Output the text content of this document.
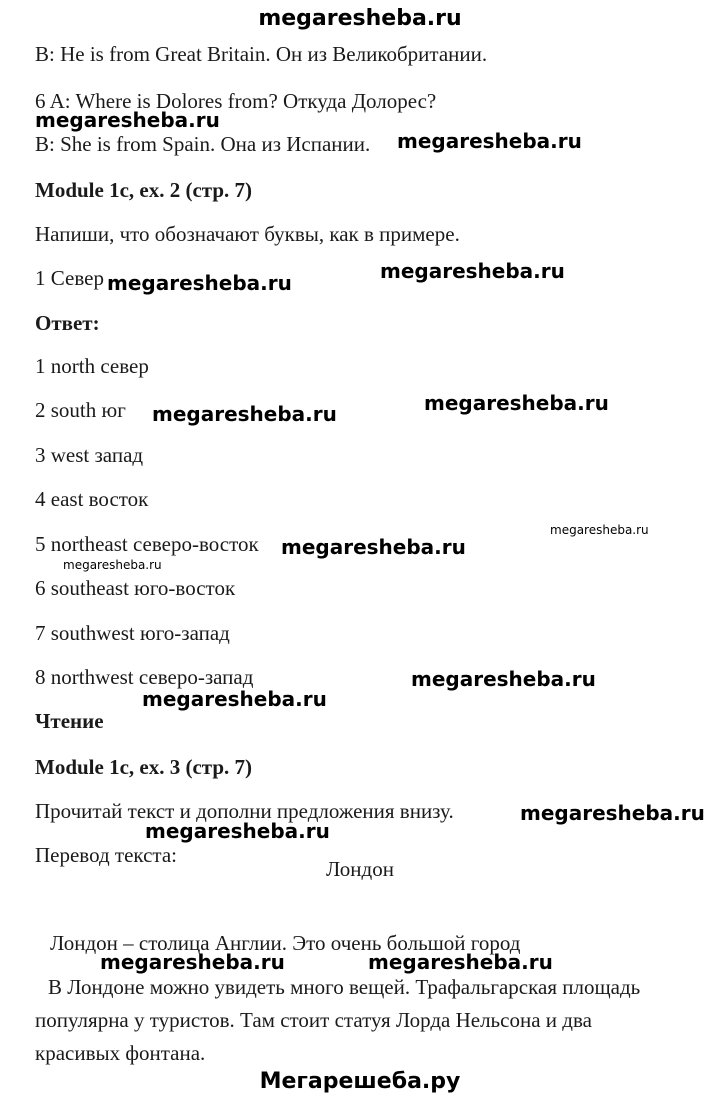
megaresheba.ru
B: He is from Great Britain. Он из Великобритании.
6 A: Where is Dolores from? Откуда Долорес?
megaresheba.ru
B: She is from Spain. Она из Испании. megaresheba.ru
Module 1c, ex. 2 (стр. 7)
Напиши, что обозначают буквы, как в примере.
1 Север megaresheba.ru	megaresheba.ru
Ответ:
1 north север
2 south юг megaresheba.ru	megaresheba.ru
3 west запад
4 east восток
megaresheba.ru
5 northeast северо-восток megaresheba.ru
megaresheba.ru
6 southeast юго-восток
7 southwest юго-запад
8 northwest северо-запад	megaresheba.ru
megaresheba.ru
Чтение
Module 1c, ex. 3 (стр. 7)
Прочитай текст и дополни предложения внизу.	megaresheba.ru
megaresheba.ru
Перевод текста:
Лондон
Лондон – столица Англии. Это очень большой город
megaresheba.ru	megaresheba.ru
В Лондоне можно увидеть много вещей. Трафальгарская площадь
популярна у туристов. Там стоит статуя Лорда Нельсона и два
красивых фонтана.
Мегарешеба.ру
